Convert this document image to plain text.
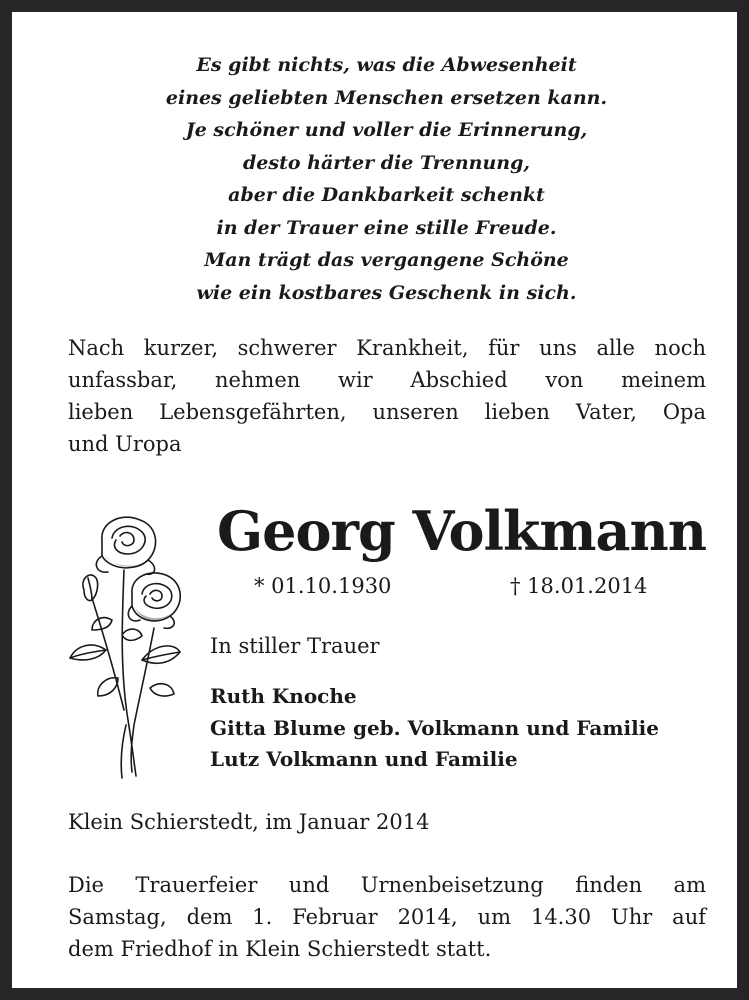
Es gibt nichts, was die Abwesenheit
eines geliebten Menschen ersetzen kann.
Je schöner und voller die Erinnerung,
desto härter die Trennung,
aber die Dankbarkeit schenkt
in der Trauer eine stille Freude.
Man trägt das vergangene Schöne
wie ein kostbares Geschenk in sich.
Nach kurzer, schwerer Krankheit, für uns alle noch
unfassbar, nehmen wir Abschied von meinem
lieben Lebensgefährten, unseren lieben Vater, Opa
und Uropa
Georg Volkmann
* 01.10.1930	† 18.01.2014
In stiller Trauer
Ruth Knoche
Gitta Blume geb. Volkmann und Familie
Lutz Volkmann und Familie
Klein Schierstedt, im Januar 2014
Die Trauerfeier und Urnenbeisetzung finden am
Samstag, dem 1. Februar 2014, um 14.30 Uhr auf
dem Friedhof in Klein Schierstedt statt.
